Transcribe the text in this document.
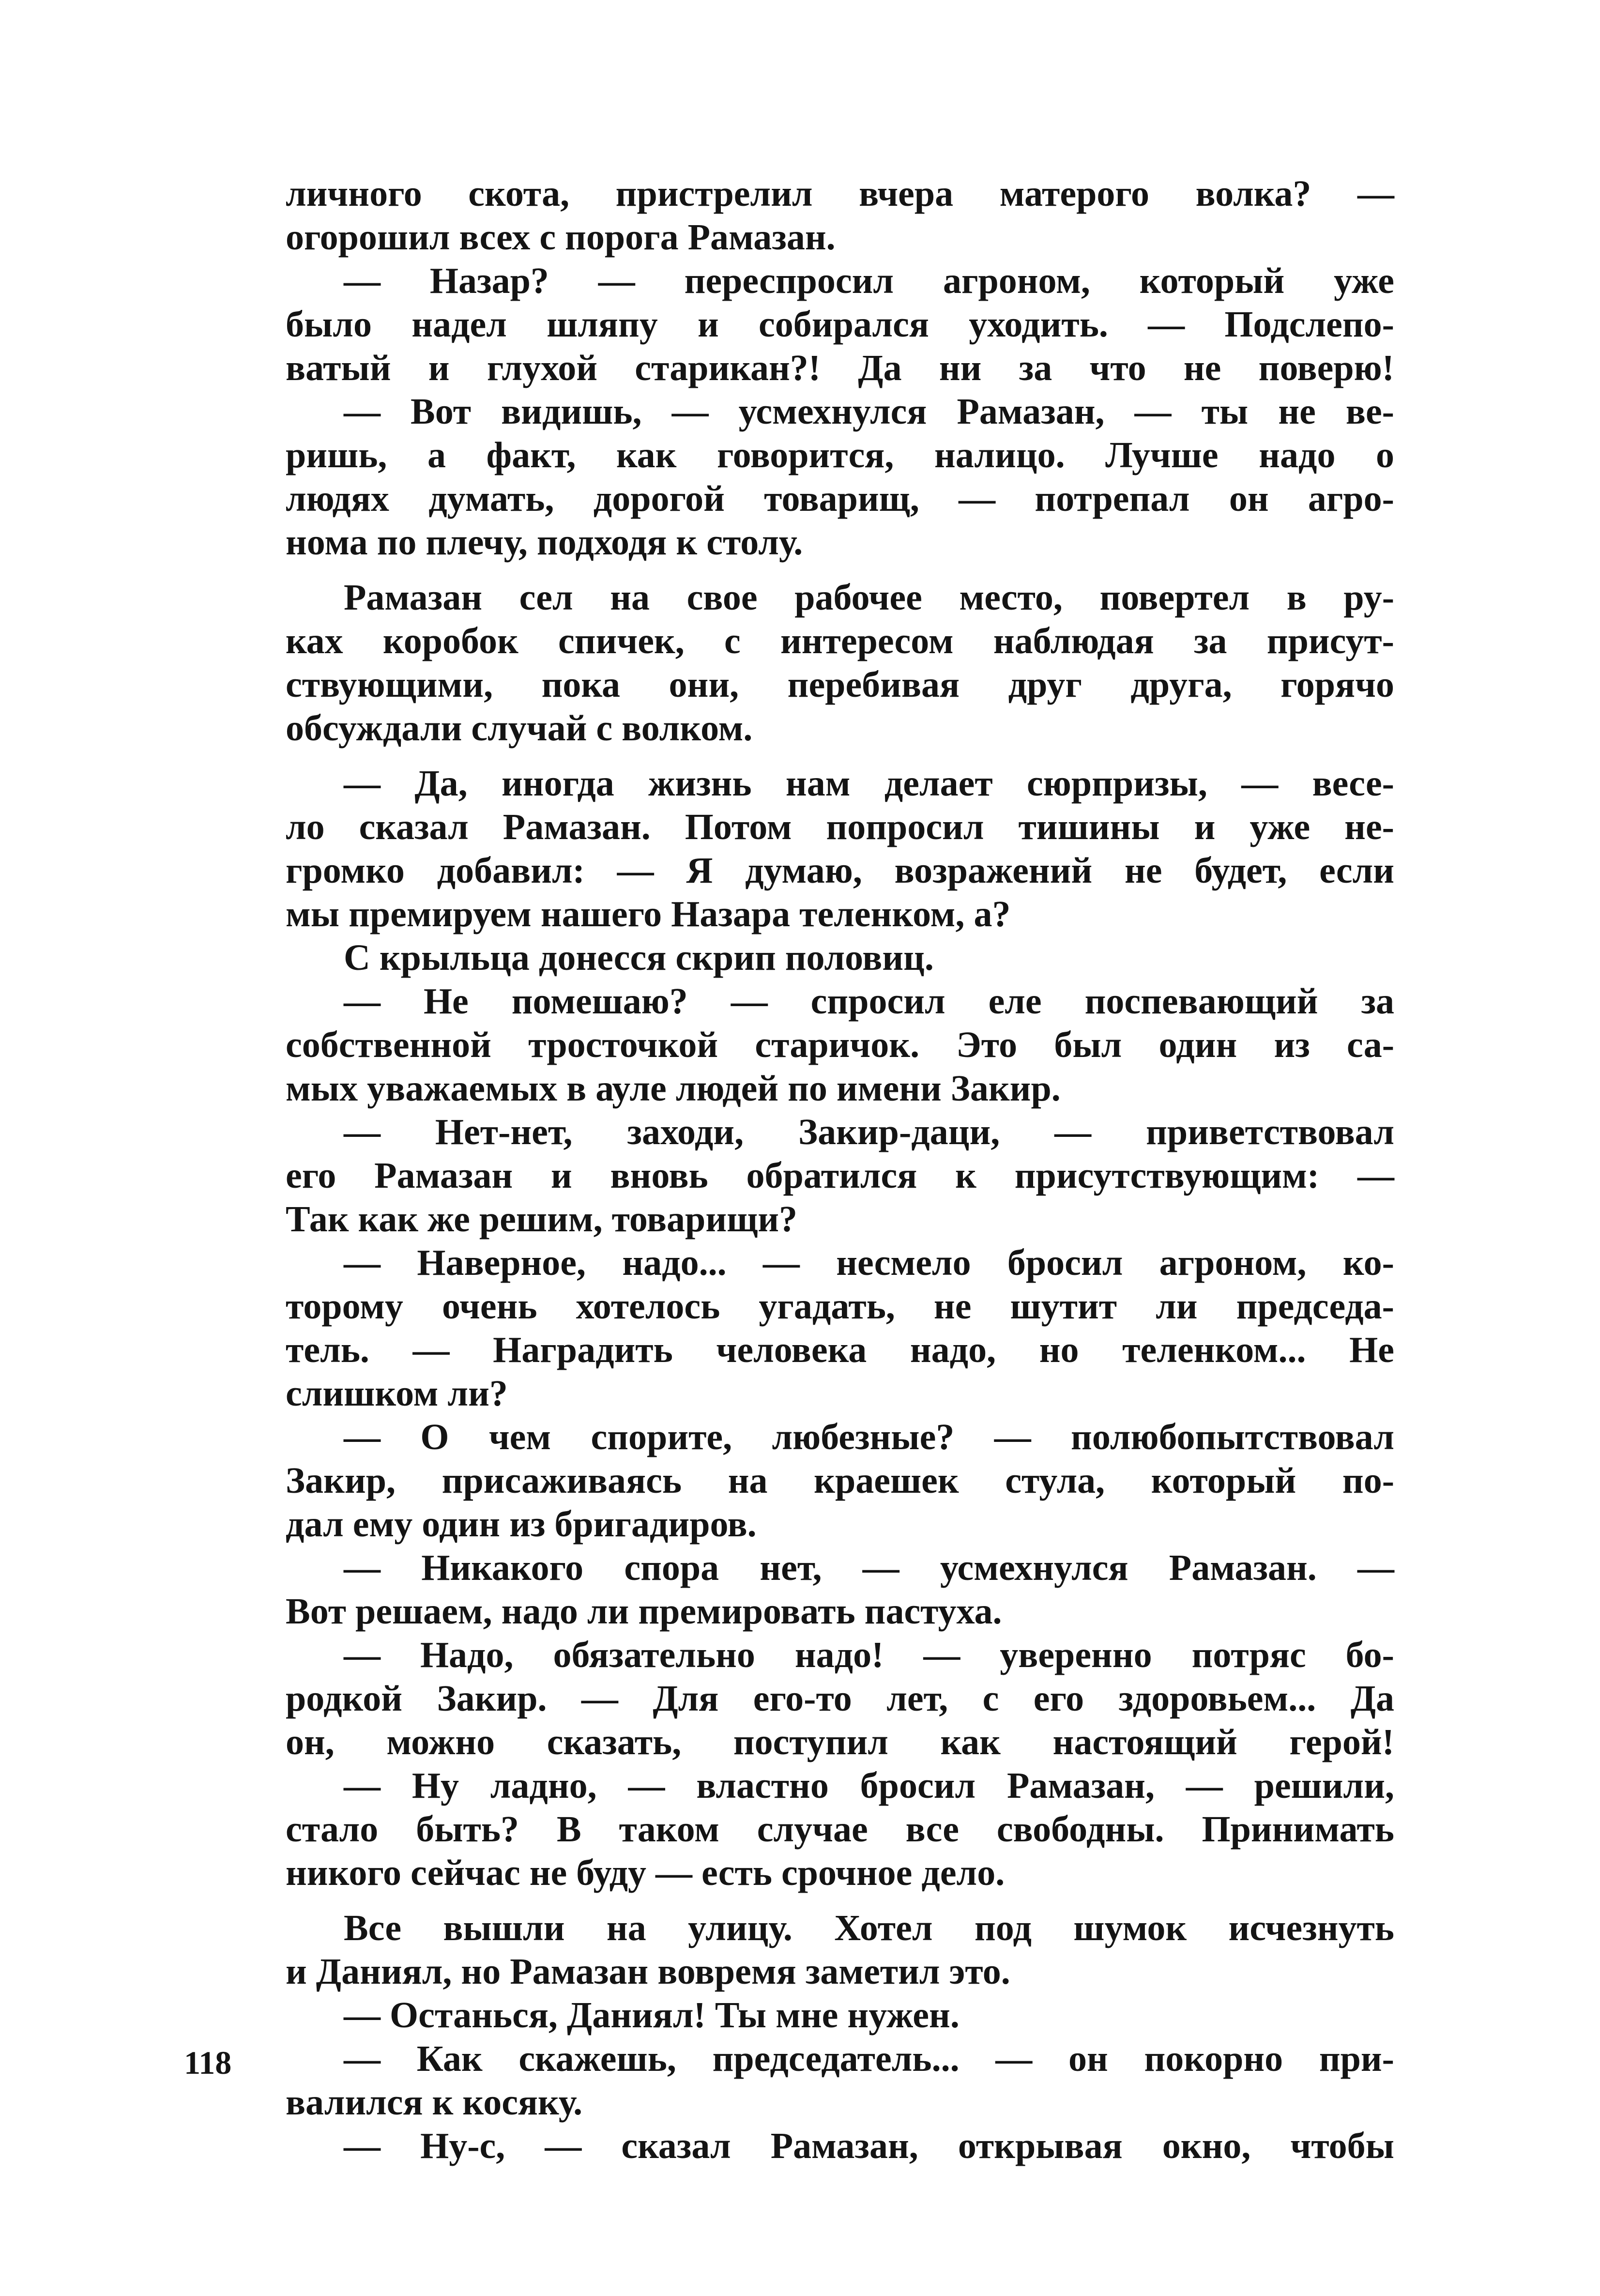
личного скота, пристрелил вчера матерого волка? —
огорошил всех с порога Рамазан.
— Назар? — переспросил агроном, который уже
было надел шляпу и собирался уходить. — Подслепо-
ватый и глухой старикан?! Да ни за что не поверю!
— Вот видишь, — усмехнулся Рамазан, — ты не ве-
ришь, а факт, как говорится, налицо. Лучше надо о
людях думать, дорогой товарищ, — потрепал он агро-
нома по плечу, подходя к столу.
Рамазан сел на свое рабочее место, повертел в ру-
ках коробок спичек, с интересом наблюдая за присут-
ствующими, пока они, перебивая друг друга, горячо
обсуждали случай с волком.
— Да, иногда жизнь нам делает сюрпризы, — весе-
ло сказал Рамазан. Потом попросил тишины и уже не-
громко добавил: — Я думаю, возражений не будет, если
мы премируем нашего Назара теленком, а?
С крыльца донесся скрип половиц.
— Не помешаю? — спросил еле поспевающий за
собственной тросточкой старичок. Это был один из са-
мых уважаемых в ауле людей по имени Закир.
— Нет-нет, заходи, Закир-даци, — приветствовал
его Рамазан и вновь обратился к присутствующим: —
Так как же решим, товарищи?
— Наверное, надо... — несмело бросил агроном, ко-
торому очень хотелось угадать, не шутит ли председа-
тель. — Наградить человека надо, но теленком... Не
слишком ли?
— О чем спорите, любезные? — полюбопытствовал
Закир, присаживаясь на краешек стула, который по-
дал ему один из бригадиров.
— Никакого спора нет, — усмехнулся Рамазан. —
Вот решаем, надо ли премировать пастуха.
— Надо, обязательно надо! — уверенно потряс бо-
родкой Закир. — Для его-то лет, с его здоровьем... Да
он, можно сказать, поступил как настоящий герой!
— Ну ладно, — властно бросил Рамазан, — решили,
стало быть? В таком случае все свободны. Принимать
никого сейчас не буду — есть срочное дело.
Все вышли на улицу. Хотел под шумок исчезнуть
и Даниял, но Рамазан вовремя заметил это.
— Останься, Даниял! Ты мне нужен.
— Как скажешь, председатель... — он покорно при-
валился к косяку.
— Ну-с, — сказал Рамазан, открывая окно, чтобы
118
